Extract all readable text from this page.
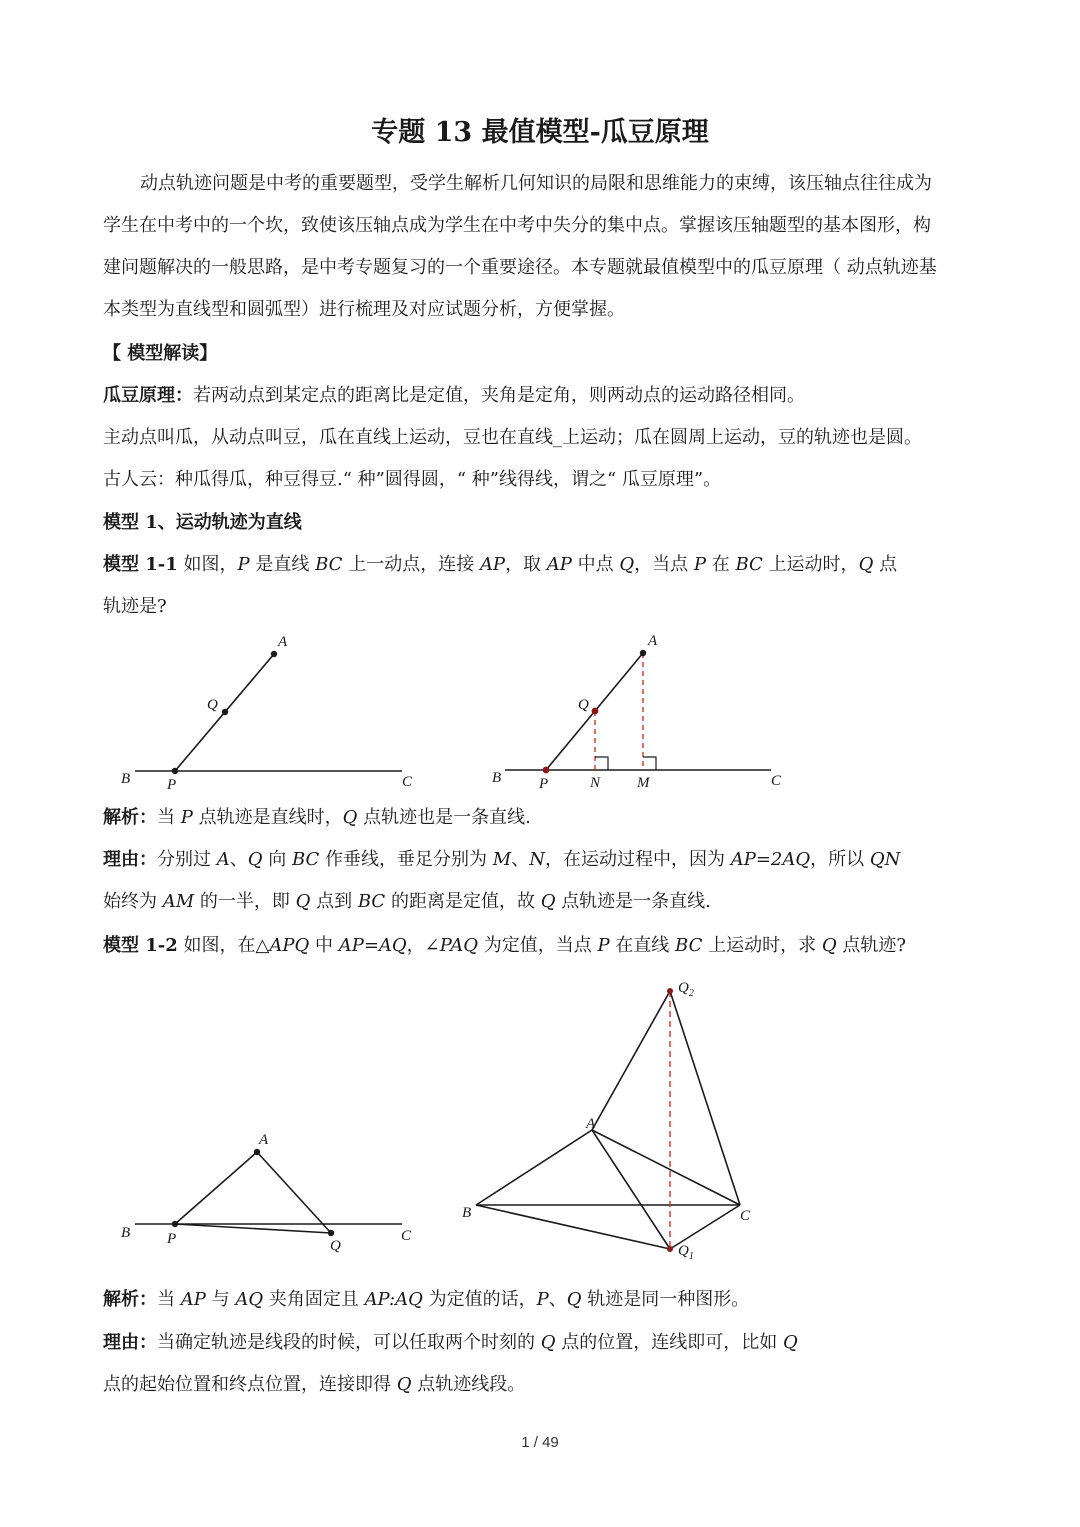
专题 13 最值模型-瓜豆原理
动点轨迹问题是中考的重要题型，受学生解析几何知识的局限和思维能力的束缚，该压轴点往往成为
学生在中考中的一个坎，致使该压轴点成为学生在中考中失分的集中点。掌握该压轴题型的基本图形，构
建问题解决的一般思路，是中考专题复习的一个重要途径。本专题就最值模型中的瓜豆原理（ 动点轨迹基
本类型为直线型和圆弧型）进行梳理及对应试题分析，方便掌握。
【 模型解读】
瓜豆原理：若两动点到某定点的距离比是定值，夹角是定角，则两动点的运动路径相同。
主动点叫瓜，从动点叫豆，瓜在直线上运动，豆也在直线_上运动；瓜在圆周上运动，豆的轨迹也是圆。
古人云：种瓜得瓜，种豆得豆.“ 种”圆得圆，“ 种”线得线，谓之“ 瓜豆原理”。
模型 1、运动轨迹为直线
模型 1-1 如图，P 是直线 BC 上一动点，连接 AP，取 AP 中点 Q，当点 P 在 BC 上运动时，Q 点
轨迹是?
A
Q
B P	C
A
Q
B	P	N M	C
A
B P	Q
C
$Q_2$
A
B	C
$Q_1$
解析：当 P 点轨迹是直线时，Q 点轨迹也是一条直线.
理由：分别过 A、Q 向 BC 作垂线，垂足分别为 M、N，在运动过程中，因为 AP=2AQ，所以 QN
始终为 AM 的一半，即 Q 点到 BC 的距离是定值，故 Q 点轨迹是一条直线.
模型 1-2 如图，在△APQ 中 AP=AQ，∠PAQ 为定值，当点 P 在直线 BC 上运动时，求 Q 点轨迹?
解析：当 AP 与 AQ 夹角固定且 AP:AQ 为定值的话，P、Q 轨迹是同一种图形。
理由：当确定轨迹是线段的时候，可以任取两个时刻的 Q 点的位置，连线即可，比如 Q
点的起始位置和终点位置，连接即得 Q 点轨迹线段。
1 / 49
